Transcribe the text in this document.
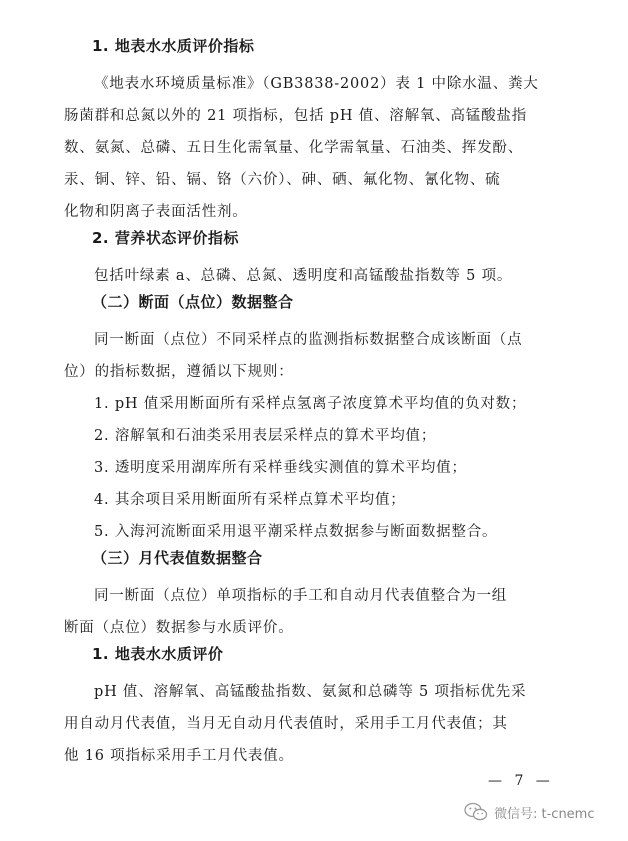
1. 地表水水质评价指标
《地表水环境质量标准》（GB3838-2002）表 1 中除水温、粪大
肠菌群和总氮以外的 21 项指标，包括 pH 值、溶解氧、高锰酸盐指
数、氨氮、总磷、五日生化需氧量、化学需氧量、石油类、挥发酚、
汞、铜、锌、铅、镉、铬（六价）、砷、硒、氟化物、氰化物、硫
化物和阴离子表面活性剂。
2. 营养状态评价指标
包括叶绿素 a、总磷、总氮、透明度和高锰酸盐指数等 5 项。
（二）断面（点位）数据整合
同一断面（点位）不同采样点的监测指标数据整合成该断面（点
位）的指标数据，遵循以下规则：
1. pH 值采用断面所有采样点氢离子浓度算术平均值的负对数；
2. 溶解氧和石油类采用表层采样点的算术平均值；
3. 透明度采用湖库所有采样垂线实测值的算术平均值；
4. 其余项目采用断面所有采样点算术平均值；
5. 入海河流断面采用退平潮采样点数据参与断面数据整合。
（三）月代表值数据整合
同一断面（点位）单项指标的手工和自动月代表值整合为一组
断面（点位）数据参与水质评价。
1. 地表水水质评价
pH 值、溶解氧、高锰酸盐指数、氨氮和总磷等 5 项指标优先采
用自动月代表值，当月无自动月代表值时，采用手工月代表值；其
他 16 项指标采用手工月代表值。
— 7 —
微信号: t-cnemc
